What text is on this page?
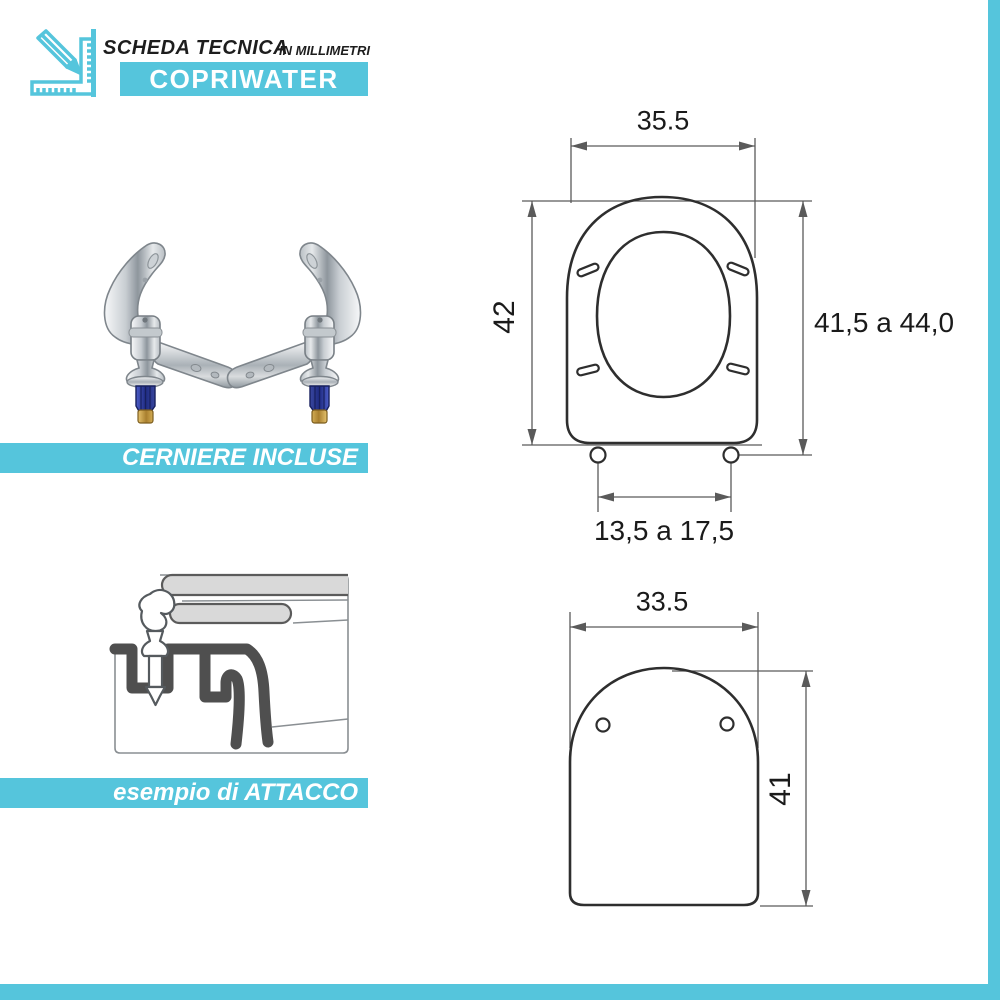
SCHEDA TECNICA
IN MILLIMETRI
COPRIWATER
CERNIERE INCLUSE
esempio di ATTACCO
35.5
42	41,5 a 44,0
13,5 a 17,5
33.5
41
